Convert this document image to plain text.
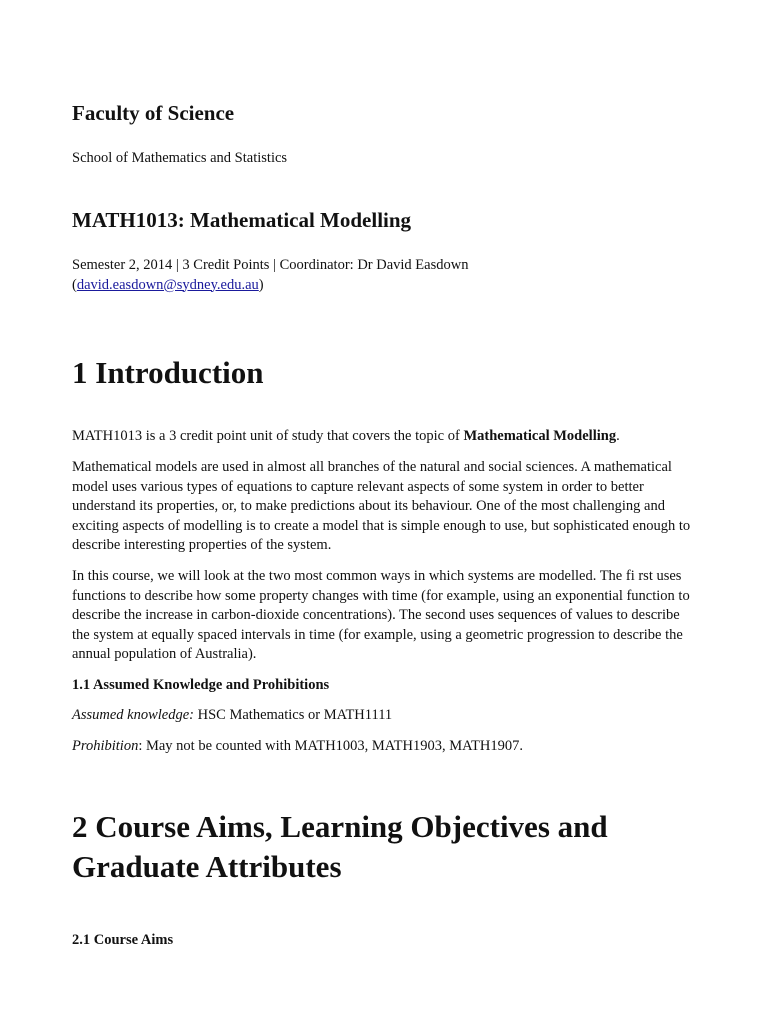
Faculty of Science

School of Mathematics and Statistics

MATH1013: Mathematical Modelling

Semester 2, 2014 | 3 Credit Points | Coordinator: Dr David Easdown
(david.easdown@sydney.edu.au)

1 Introduction

MATH1013 is a 3 credit point unit of study that covers the topic of Mathematical Modelling.

Mathematical models are used in almost all branches of the natural and social sciences. A mathematical model uses various types of equations to capture relevant aspects of some system in order to better understand its properties, or, to make predictions about its behaviour. One of the most challenging and exciting aspects of modelling is to create a model that is simple enough to use, but sophisticated enough to describe interesting properties of the system.

In this course, we will look at the two most common ways in which systems are modelled. The fi rst uses functions to describe how some property changes with time (for example, using an exponential function to describe the increase in carbon-dioxide concentrations). The second uses sequences of values to describe the system at equally spaced intervals in time (for example, using a geometric progression to describe the annual population of Australia).

1.1 Assumed Knowledge and Prohibitions

Assumed knowledge: HSC Mathematics or MATH1111

Prohibition: May not be counted with MATH1003, MATH1903, MATH1907.

2 Course Aims, Learning Objectives and Graduate Attributes
2.1 Course Aims
